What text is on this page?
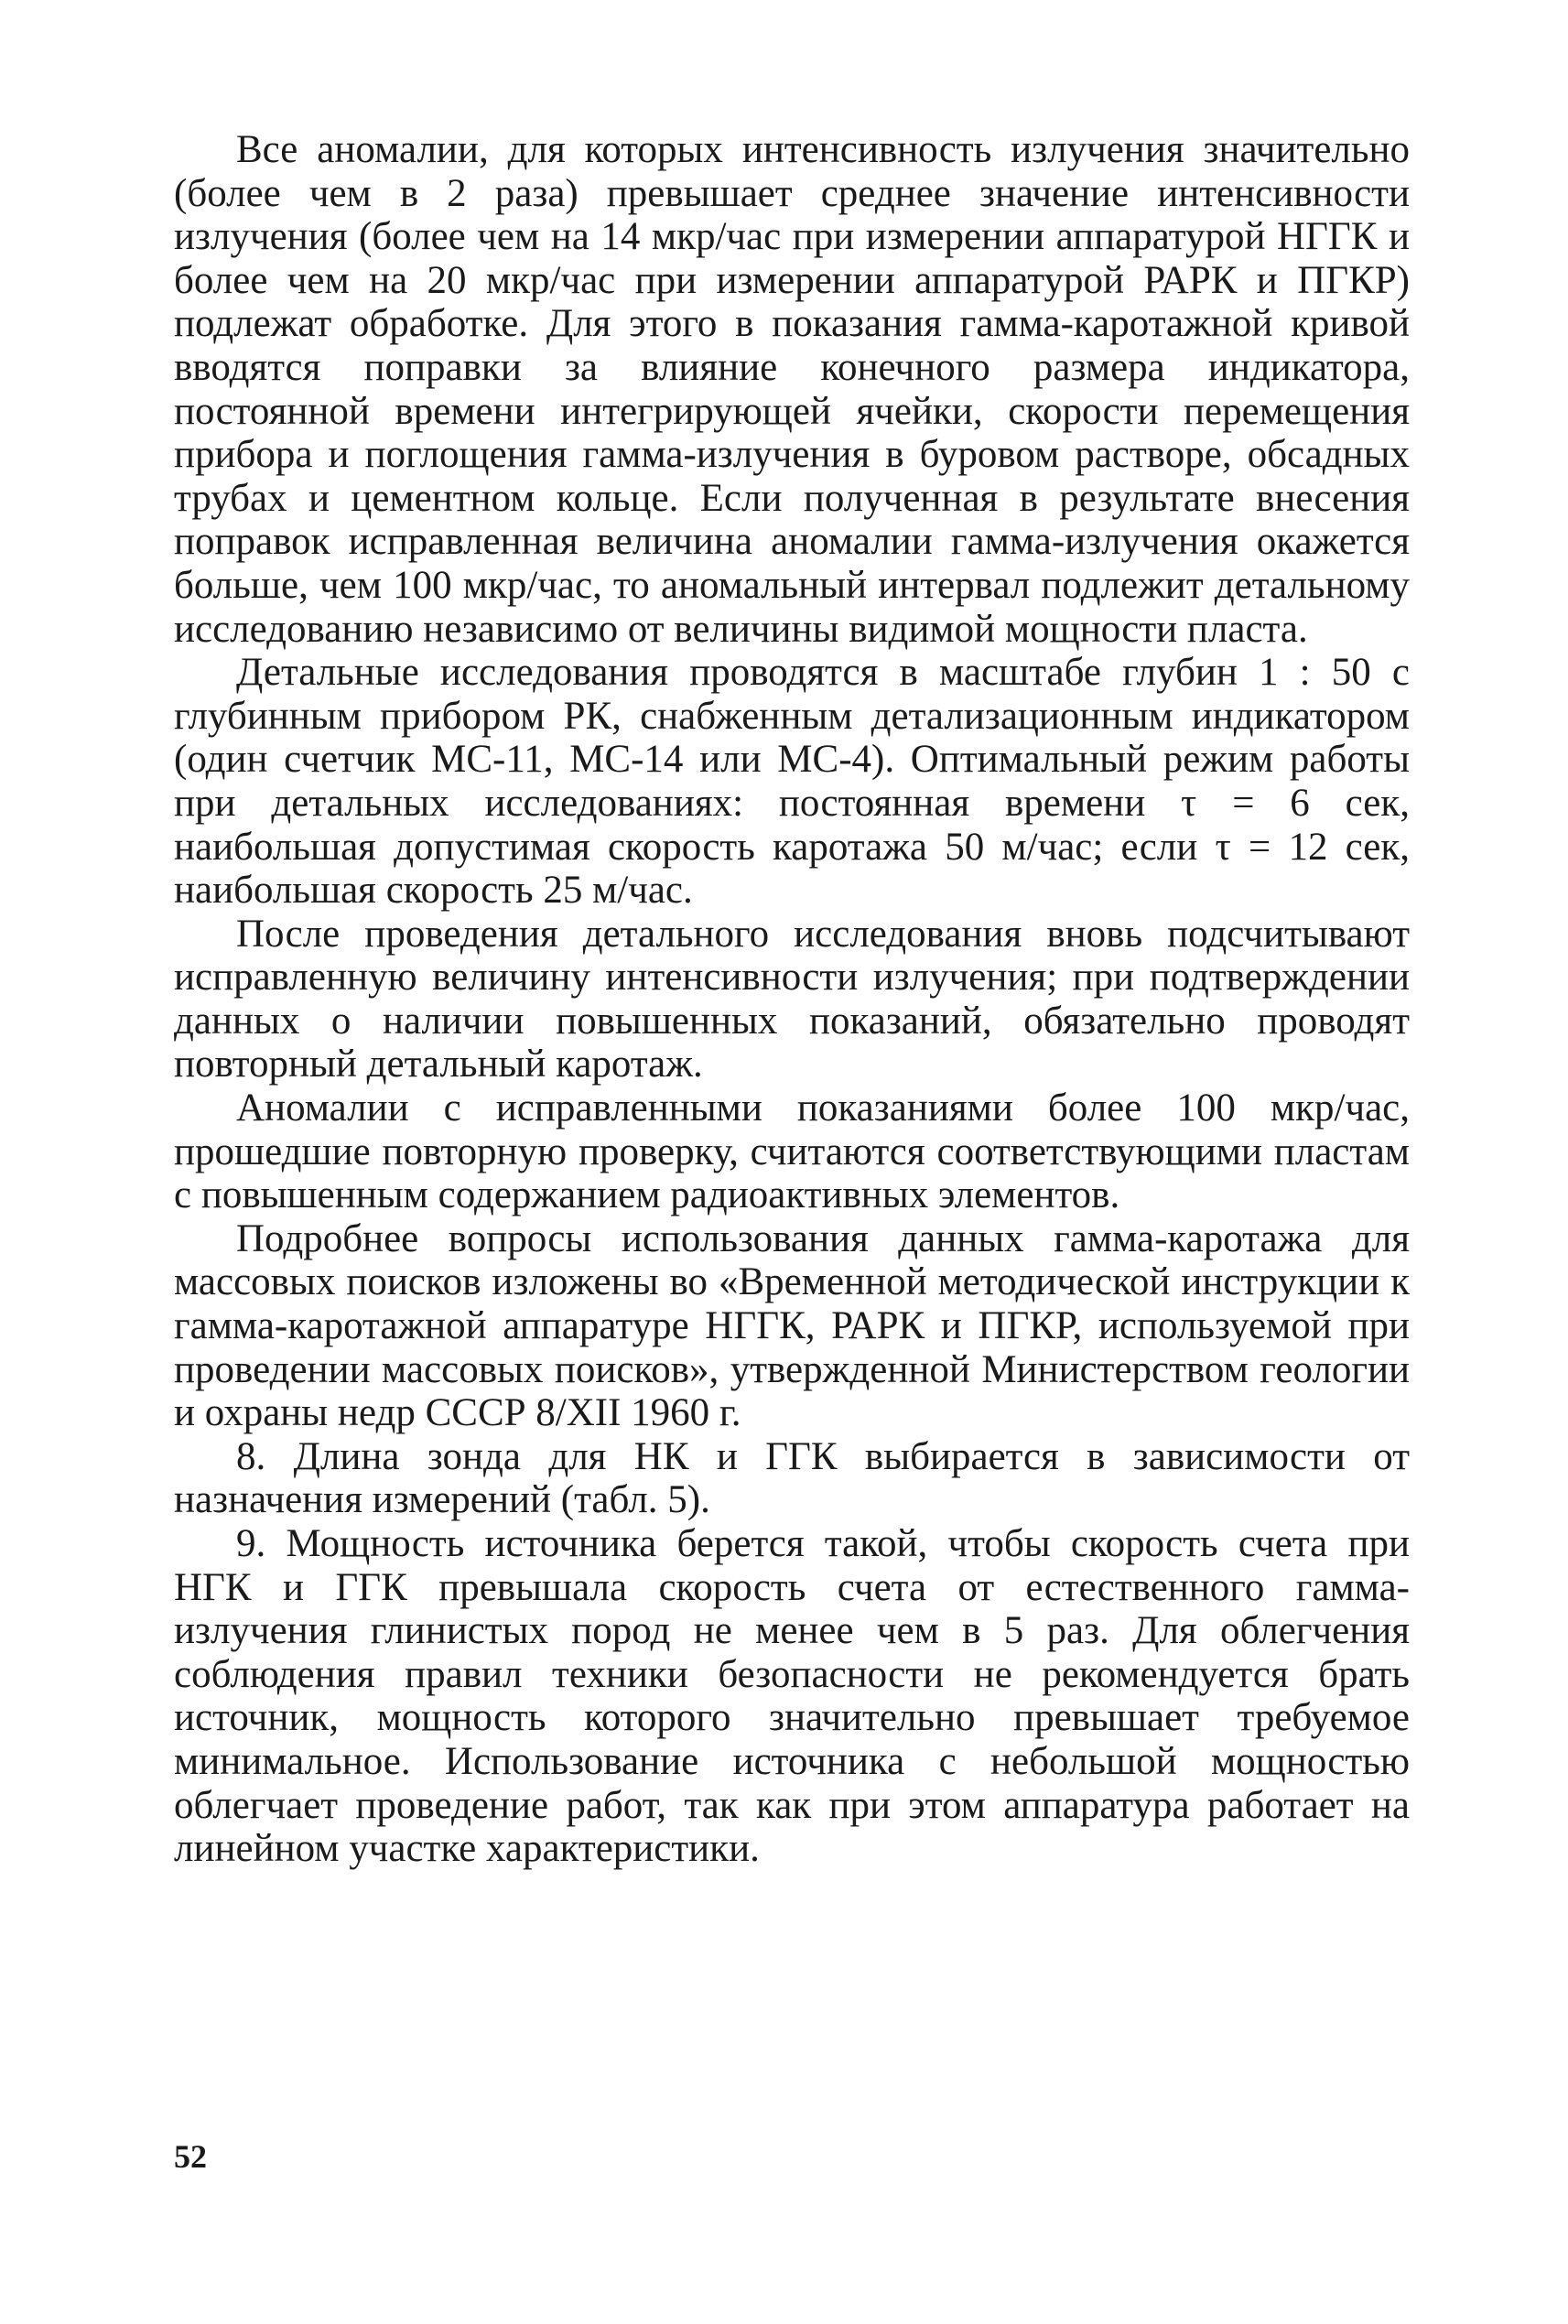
Все аномалии, для которых интенсивность излучения значительно (более чем в 2 раза) превышает среднее значение интенсивности излучения (более чем на 14 мкр/час при измерении аппаратурой НГГК и более чем на 20 мкр/час при измерении аппаратурой РАРК и ПГКР) подлежат обработке. Для этого в показания гамма-каротажной кривой вводятся поправки за влияние конечного размера индикатора, постоянной времени интегрирующей ячейки, скорости перемещения прибора и поглощения гамма-излучения в буровом растворе, обсадных трубах и цементном кольце. Если полученная в результате внесения поправок исправленная величина аномалии гамма-излучения окажется больше, чем 100 мкр/час, то аномальный интервал подлежит детальному исследованию независимо от величины видимой мощности пласта.

Детальные исследования проводятся в масштабе глубин 1 : 50 с глубинным прибором РК, снабженным детализационным индикатором (один счетчик МС-11, МС-14 или МС-4). Оптимальный режим работы при детальных исследованиях: постоянная времени τ = 6 сек, наибольшая допустимая скорость каротажа 50 м/час; если τ = 12 сек, наибольшая скорость 25 м/час.

После проведения детального исследования вновь подсчитывают исправленную величину интенсивности излучения; при подтверждении данных о наличии повышенных показаний, обязательно проводят повторный детальный каротаж.

Аномалии с исправленными показаниями более 100 мкр/час, прошедшие повторную проверку, считаются соответствующими пластам с повышенным содержанием радиоактивных элементов.

Подробнее вопросы использования данных гамма-каротажа для массовых поисков изложены во «Временной методической инструкции к гамма-каротажной аппаратуре НГГК, РАРК и ПГКР, используемой при проведении массовых поисков», утвержденной Министерством геологии и охраны недр СССР 8/XII 1960 г.

8. Длина зонда для НК и ГГК выбирается в зависимости от назначения измерений (табл. 5).

9. Мощность источника берется такой, чтобы скорость счета при НГК и ГГК превышала скорость счета от естественного гамма-излучения глинистых пород не менее чем в 5 раз. Для облегчения соблюдения правил техники безопасности не рекомендуется брать источник, мощность которого значительно превышает требуемое минимальное. Использование источника с небольшой мощностью облегчает проведение работ, так как при этом аппаратура работает на линейном участке характеристики.

52
